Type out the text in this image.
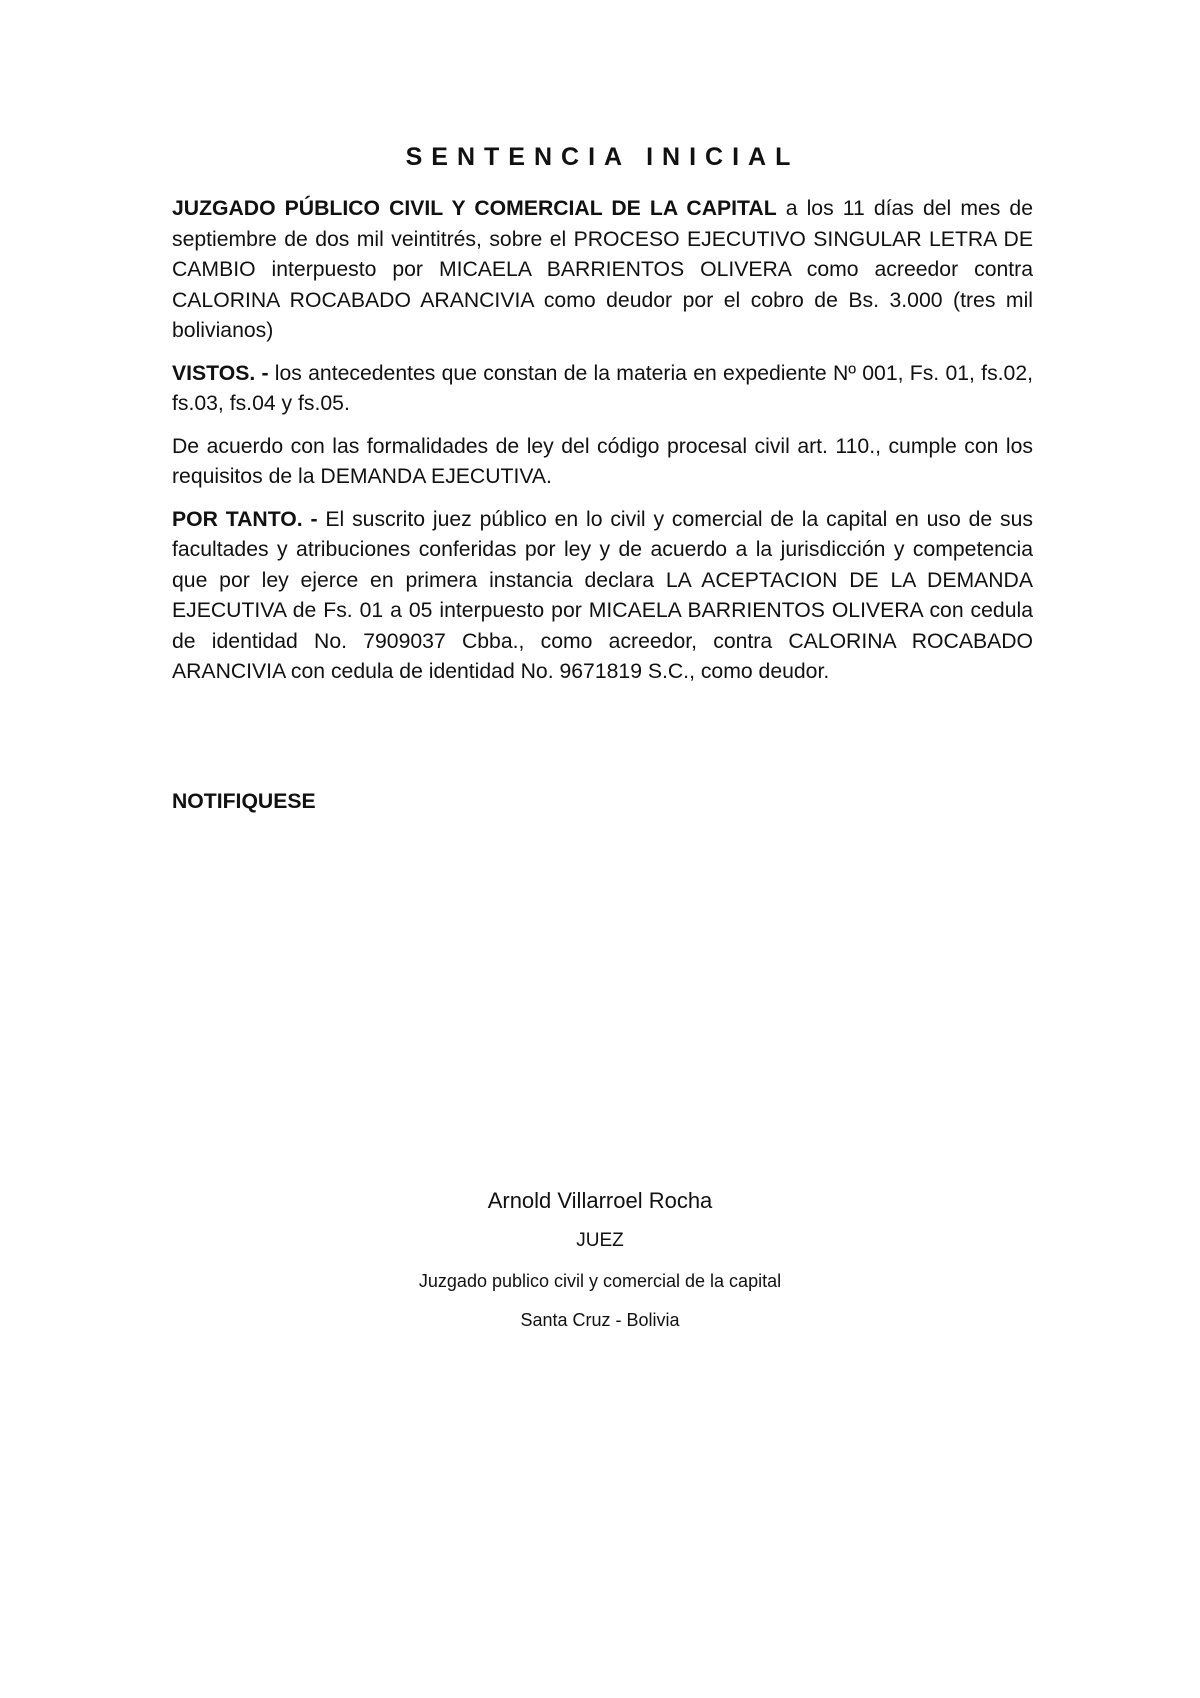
SENTENCIA INICIAL

JUZGADO PÚBLICO CIVIL Y COMERCIAL DE LA CAPITAL a los 11 días del mes de septiembre de dos mil veintitrés, sobre el PROCESO EJECUTIVO SINGULAR LETRA DE CAMBIO interpuesto por MICAELA BARRIENTOS OLIVERA como acreedor contra CALORINA ROCABADO ARANCIVIA como deudor por el cobro de Bs. 3.000 (tres mil bolivianos)

VISTOS. - los antecedentes que constan de la materia en expediente Nº 001, Fs. 01, fs.02, fs.03, fs.04 y fs.05.

De acuerdo con las formalidades de ley del código procesal civil art. 110., cumple con los requisitos de la DEMANDA EJECUTIVA.

POR TANTO. - El suscrito juez público en lo civil y comercial de la capital en uso de sus facultades y atribuciones conferidas por ley y de acuerdo a la jurisdicción y competencia que por ley ejerce en primera instancia declara LA ACEPTACION DE LA DEMANDA EJECUTIVA de Fs. 01 a 05 interpuesto por MICAELA BARRIENTOS OLIVERA con cedula de identidad No. 7909037 Cbba., como acreedor, contra CALORINA ROCABADO ARANCIVIA con cedula de identidad No. 9671819 S.C., como deudor.

NOTIFIQUESE

Arnold Villarroel Rocha

JUEZ

Juzgado publico civil y comercial de la capital

Santa Cruz - Bolivia
